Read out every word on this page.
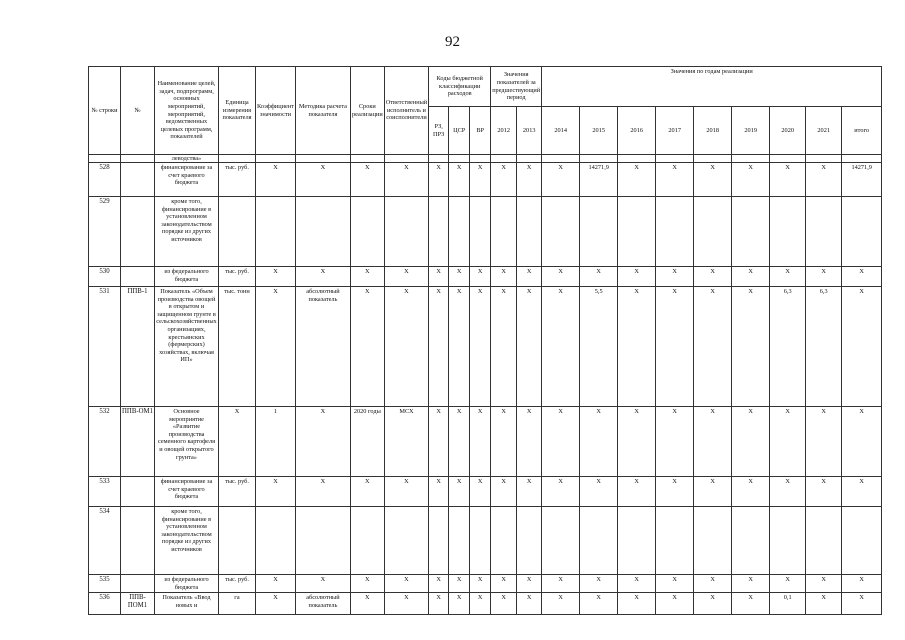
92
№ строки	№	Наименование целей, задач, подпрограмм, основных мероприятий, мероприятий, ведомственных целевых программ, показателей	Единица измерения показателя	Коэффициент значимости	Методика расчета показателя	Сроки реализации	Ответственный исполнитель и соисполнители	Коды бюджетной классификации расходов			Значения показателей за предшествующий период		Значения по годам реализации								
								РЗ, ПРЗ	ЦСР	ВР	2012	2013	2014	2015	2016	2017	2018	2019	2020	2021	итого
		леводства»																			
528		финансирование за счет краевого бюджета	тыс. руб.	Х	Х	Х	Х	Х	Х	Х	Х	Х	Х	14271,9	Х	Х	Х	Х	Х	Х	14271,9
529		кроме того, финансирование в установленном законодательством порядке из других источников																			
530		из федерального бюджета	тыс. руб.	Х	Х	Х	Х	Х	Х	Х	Х	Х	Х	Х	Х	Х	Х	Х	Х	Х	Х
531	ППВ-1	Показатель «Объем производства овощей в открытом и защищенном грунте в сельскохозяйственных организациях, крестьянских (фермерских) хозяйствах, включая ИП»	тыс. тонн	Х	абсолютный показатель	Х	Х	Х	Х	Х	Х	Х	Х	5,5	Х	Х	Х	Х	6,3	6,3	Х
532	ППВ-ОМ1	Основное мероприятие «Развитие производства семенного картофеля и овощей открытого грунта»	Х	1	Х	2020 годы	МСХ	Х	Х	Х	Х	Х	Х	Х	Х	Х	Х	Х	Х	Х	Х
533		финансирование за счет краевого бюджета	тыс. руб.	Х	Х	Х	Х	Х	Х	Х	Х	Х	Х	Х	Х	Х	Х	Х	Х	Х	Х
534		кроме того, финансирование в установленном законодательством порядке из других источников																			
535		из федерального бюджета	тыс. руб.	Х	Х	Х	Х	Х	Х	Х	Х	Х	Х	Х	Х	Х	Х	Х	Х	Х	Х
536	ППВ-ПОМ1	Показатель «Ввод новых и	га	Х	абсолютный показатель	Х	Х	Х	Х	Х	Х	Х	Х	Х	Х	Х	Х	Х	0,1	Х	Х
